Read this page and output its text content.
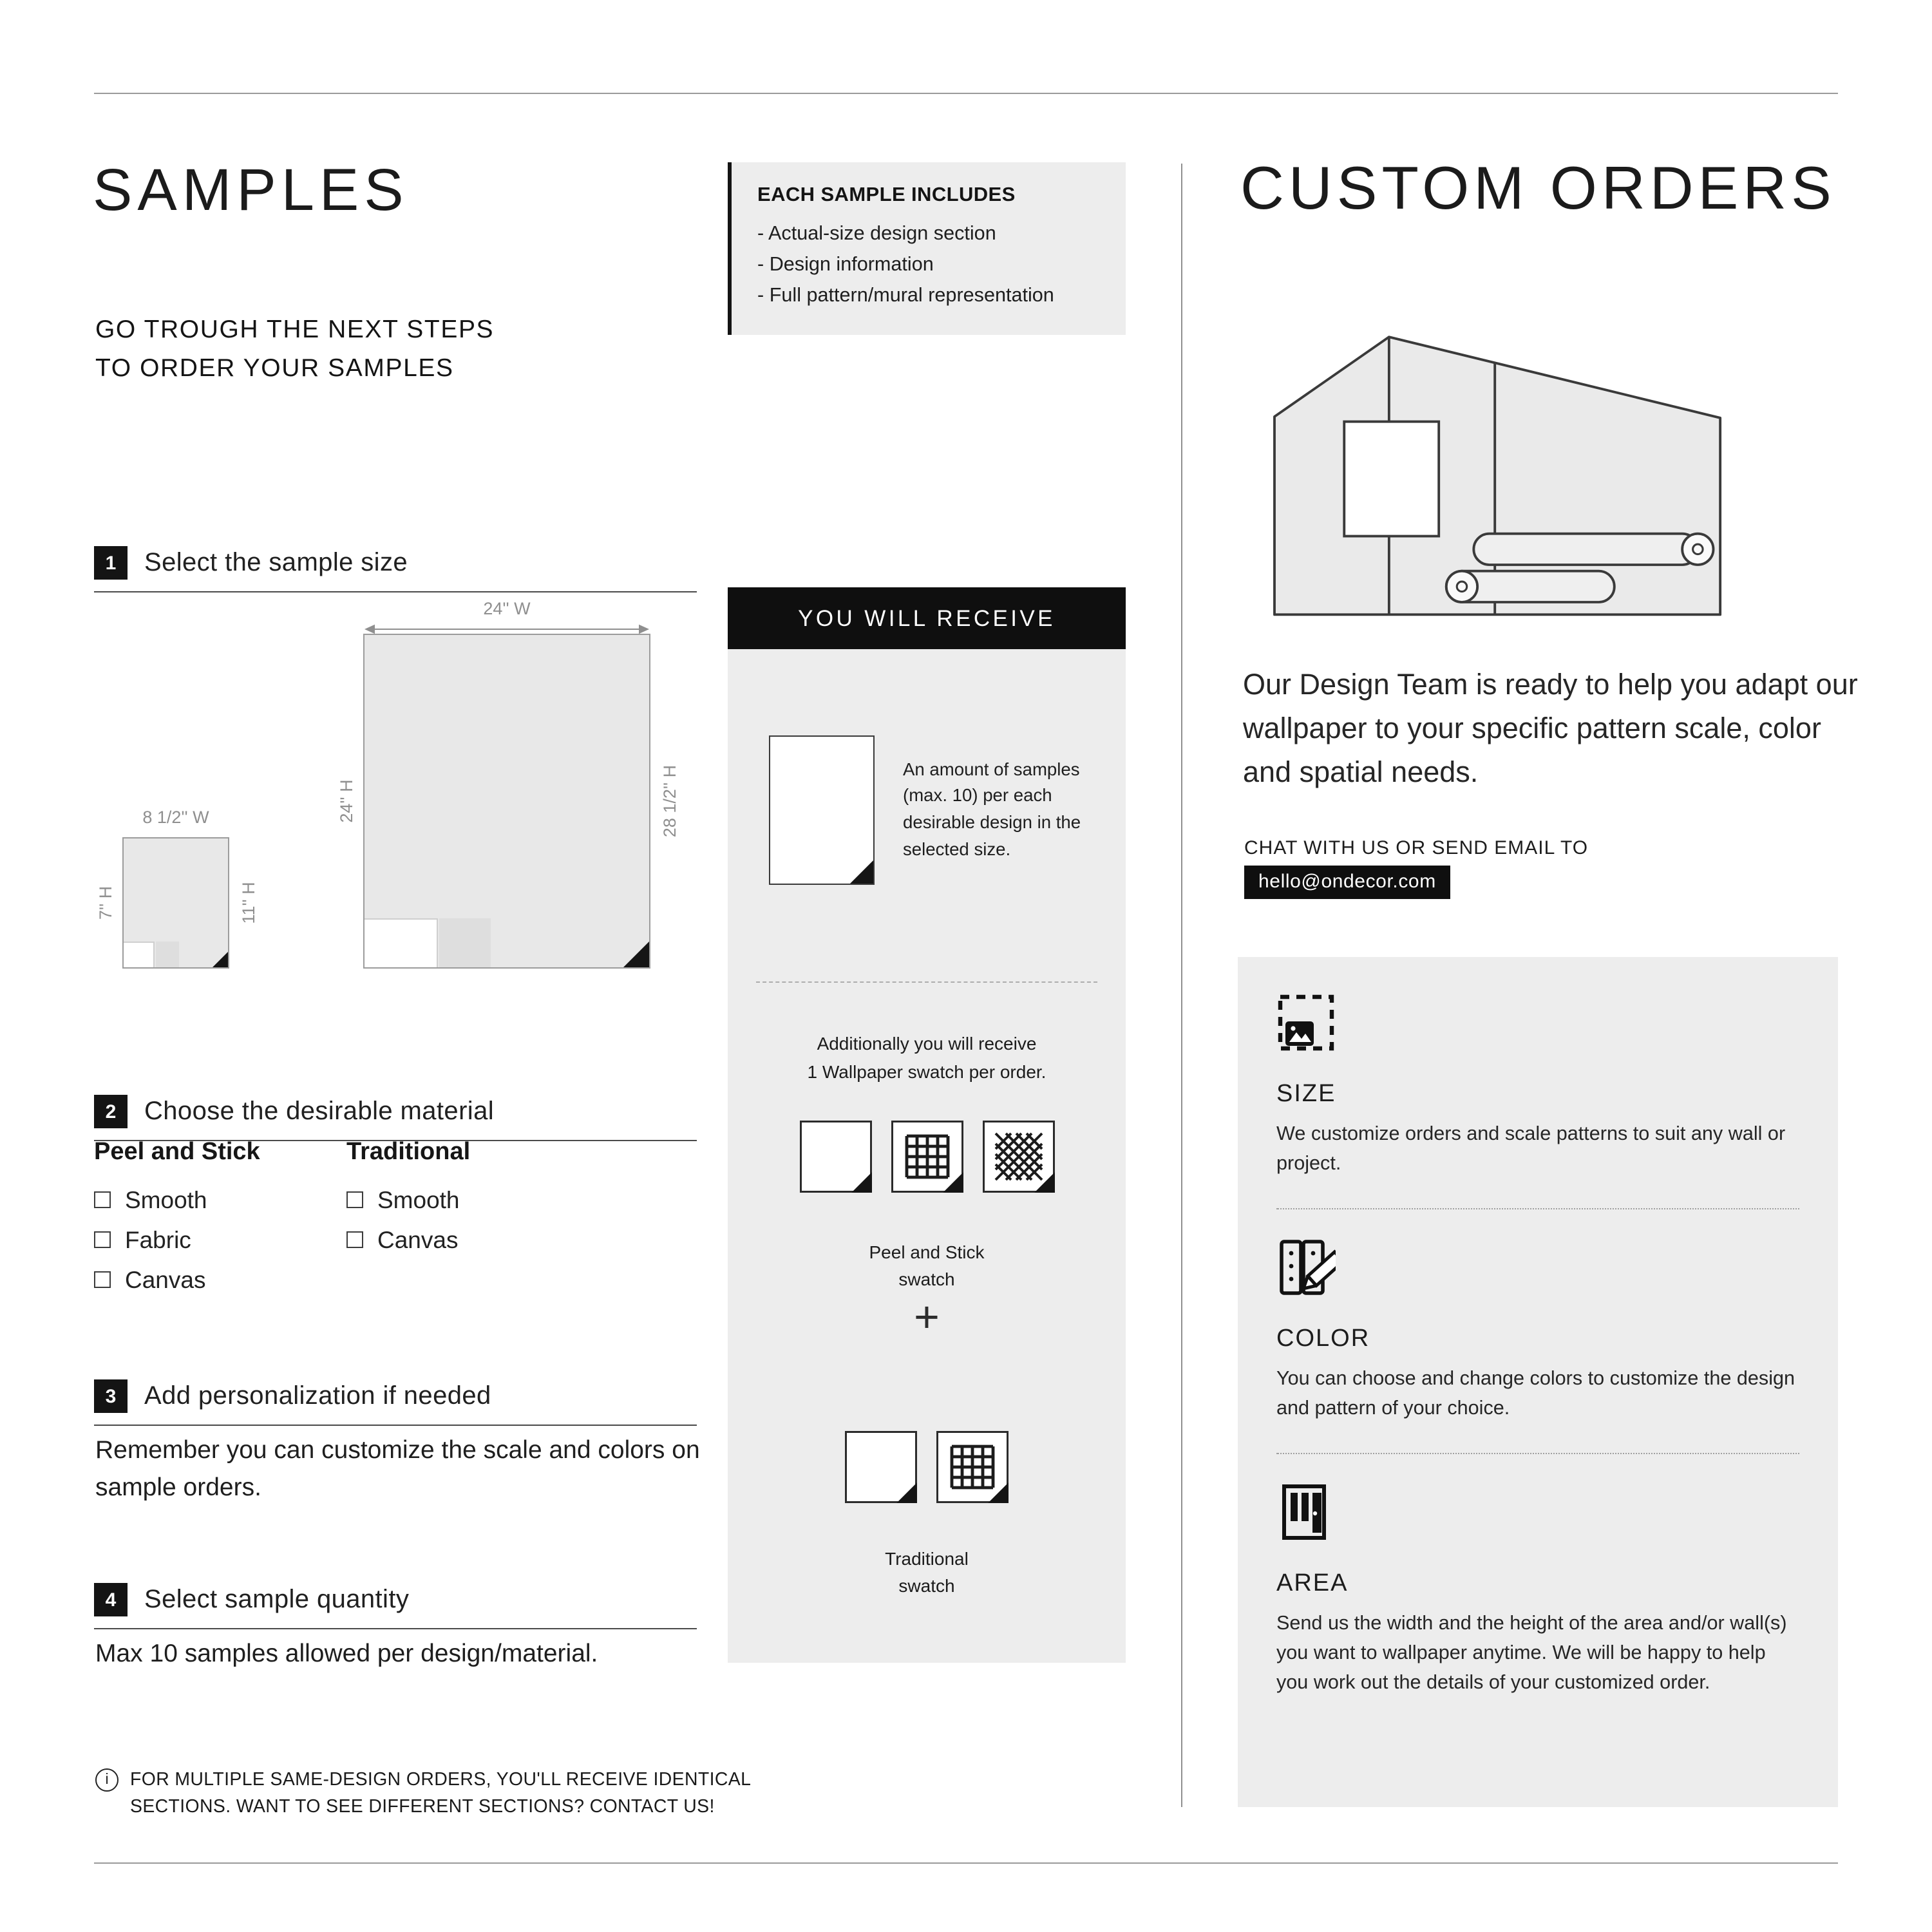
SAMPLES
GO TROUGH THE NEXT STEPS
TO ORDER YOUR SAMPLES
1	Select the sample size
24'' W
24'' H	28 1/2'' H
8 1/2'' W
7'' H	11'' H
2	Choose the desirable material
Peel and Stick
Smooth
Fabric
Canvas
Traditional
Smooth
Canvas
3	Add personalization if needed
Remember you can customize the scale and colors on sample orders.
4	Select sample quantity
Max 10 samples allowed per design/material.
i	FOR MULTIPLE SAME-DESIGN ORDERS, YOU'LL RECEIVE IDENTICAL
SECTIONS. WANT TO SEE DIFFERENT SECTIONS? CONTACT US!
EACH SAMPLE INCLUDES
- Actual-size design section
- Design information
- Full pattern/mural representation
YOU WILL RECEIVE
An amount of samples (max. 10) per each desirable design in the selected size.
Additionally you will receive
1 Wallpaper swatch per order.
Peel and Stick
swatch
+
Traditional
swatch
CUSTOM ORDERS
Our Design Team is ready to help you adapt our wallpaper to your specific pattern scale, color and spatial needs.
CHAT WITH US OR SEND EMAIL TO
hello@ondecor.com
SIZE
We customize orders and scale patterns to suit any wall or project.
COLOR
You can choose and change colors to customize the design and pattern of your choice.
AREA
Send us the width and the height of the area and/or wall(s) you want to wallpaper anytime. We will be happy to help you work out the details of your customized order.
